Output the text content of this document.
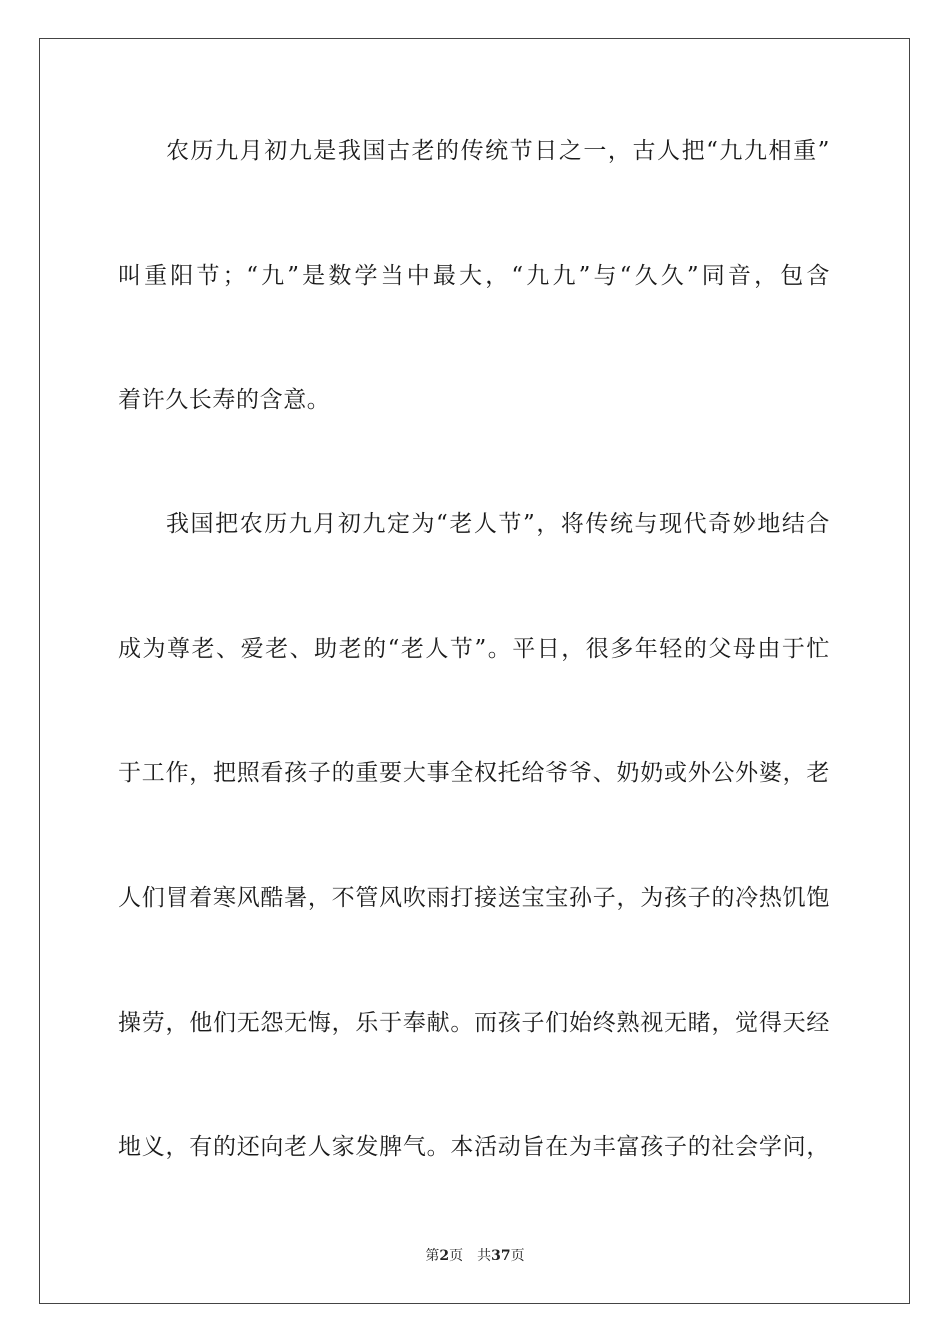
农历九月初九是我国古老的传统节日之一，古人把“九九相重”
叫重阳节；“九”是数学当中最大，“九九”与“久久”同音，包含
着许久长寿的含意。
我国把农历九月初九定为“老人节”，将传统与现代奇妙地结合
成为尊老、爱老、助老的“老人节”。平日，很多年轻的父母由于忙
于工作，把照看孩子的重要大事全权托给爷爷、奶奶或外公外婆，老
人们冒着寒风酷暑，不管风吹雨打接送宝宝孙子，为孩子的冷热饥饱
操劳，他们无怨无悔，乐于奉献。而孩子们始终熟视无睹，觉得天经
地义，有的还向老人家发脾气。本活动旨在为丰富孩子的社会学问，
第2页 共37页
